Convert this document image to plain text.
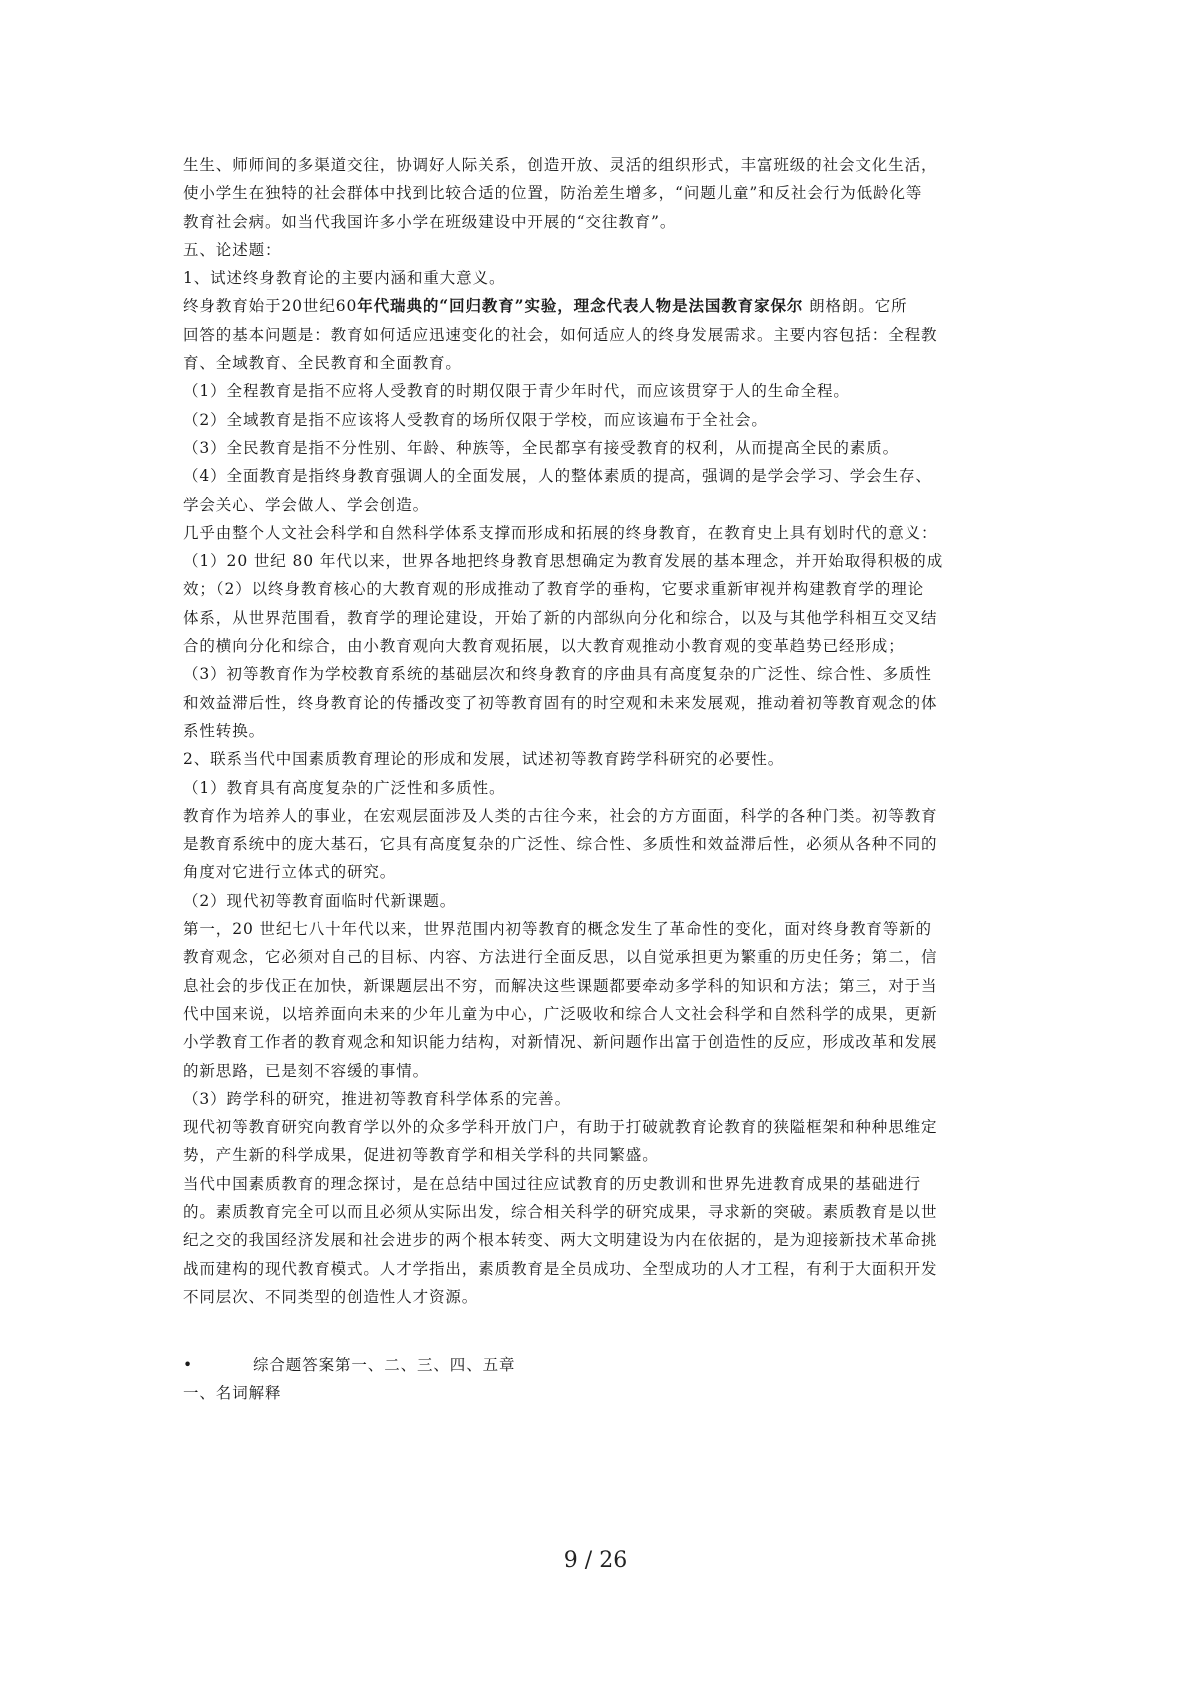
生生、师师间的多渠道交往，协调好人际关系，创造开放、灵活的组织形式，丰富班级的社会文化生活，
使小学生在独特的社会群体中找到比较合适的位置，防治差生增多，“问题儿童”和反社会行为低龄化等
教育社会病。如当代我国许多小学在班级建设中开展的“交往教育”。
五、论述题：
1、试述终身教育论的主要内涵和重大意义。
终身教育始于20世纪60年代瑞典的“回归教育”实验，理念代表人物是法国教育家保尔 朗格朗。它所
回答的基本问题是：教育如何适应迅速变化的社会，如何适应人的终身发展需求。主要内容包括：全程教
育、全域教育、全民教育和全面教育。
（1）全程教育是指不应将人受教育的时期仅限于青少年时代，而应该贯穿于人的生命全程。
（2）全域教育是指不应该将人受教育的场所仅限于学校，而应该遍布于全社会。
（3）全民教育是指不分性别、年龄、种族等，全民都享有接受教育的权利，从而提高全民的素质。
（4）全面教育是指终身教育强调人的全面发展，人的整体素质的提高，强调的是学会学习、学会生存、
学会关心、学会做人、学会创造。
几乎由整个人文社会科学和自然科学体系支撑而形成和拓展的终身教育，在教育史上具有划时代的意义：
（1）20 世纪 80 年代以来，世界各地把终身教育思想确定为教育发展的基本理念，并开始取得积极的成
效；（2）以终身教育核心的大教育观的形成推动了教育学的垂构，它要求重新审视并构建教育学的理论
体系，从世界范围看，教育学的理论建设，开始了新的内部纵向分化和综合，以及与其他学科相互交叉结
合的横向分化和综合，由小教育观向大教育观拓展，以大教育观推动小教育观的变革趋势已经形成；
（3）初等教育作为学校教育系统的基础层次和终身教育的序曲具有高度复杂的广泛性、综合性、多质性
和效益滞后性，终身教育论的传播改变了初等教育固有的时空观和未来发展观，推动着初等教育观念的体
系性转换。
2、联系当代中国素质教育理论的形成和发展，试述初等教育跨学科研究的必要性。
（1）教育具有高度复杂的广泛性和多质性。
教育作为培养人的事业，在宏观层面涉及人类的古往今来，社会的方方面面，科学的各种门类。初等教育
是教育系统中的庞大基石，它具有高度复杂的广泛性、综合性、多质性和效益滞后性，必须从各种不同的
角度对它进行立体式的研究。
（2）现代初等教育面临时代新课题。
第一，20 世纪七八十年代以来，世界范围内初等教育的概念发生了革命性的变化，面对终身教育等新的
教育观念，它必须对自己的目标、内容、方法进行全面反思，以自觉承担更为繁重的历史任务；第二，信
息社会的步伐正在加快，新课题层出不穷，而解决这些课题都要牵动多学科的知识和方法；第三，对于当
代中国来说，以培养面向未来的少年儿童为中心，广泛吸收和综合人文社会科学和自然科学的成果，更新
小学教育工作者的教育观念和知识能力结构，对新情况、新问题作出富于创造性的反应，形成改革和发展
的新思路，已是刻不容缓的事情。
（3）跨学科的研究，推进初等教育科学体系的完善。
现代初等教育研究向教育学以外的众多学科开放门户，有助于打破就教育论教育的狭隘框架和种种思维定
势，产生新的科学成果，促进初等教育学和相关学科的共同繁盛。
当代中国素质教育的理念探讨，是在总结中国过往应试教育的历史教训和世界先进教育成果的基础进行
的。素质教育完全可以而且必须从实际出发，综合相关科学的研究成果，寻求新的突破。素质教育是以世
纪之交的我国经济发展和社会进步的两个根本转变、两大文明建设为内在依据的，是为迎接新技术革命挑
战而建构的现代教育模式。人才学指出，素质教育是全员成功、全型成功的人才工程，有利于大面积开发
不同层次、不同类型的创造性人才资源。
•	综合题答案第一、二、三、四、五章
一、名词解释
9 / 26
